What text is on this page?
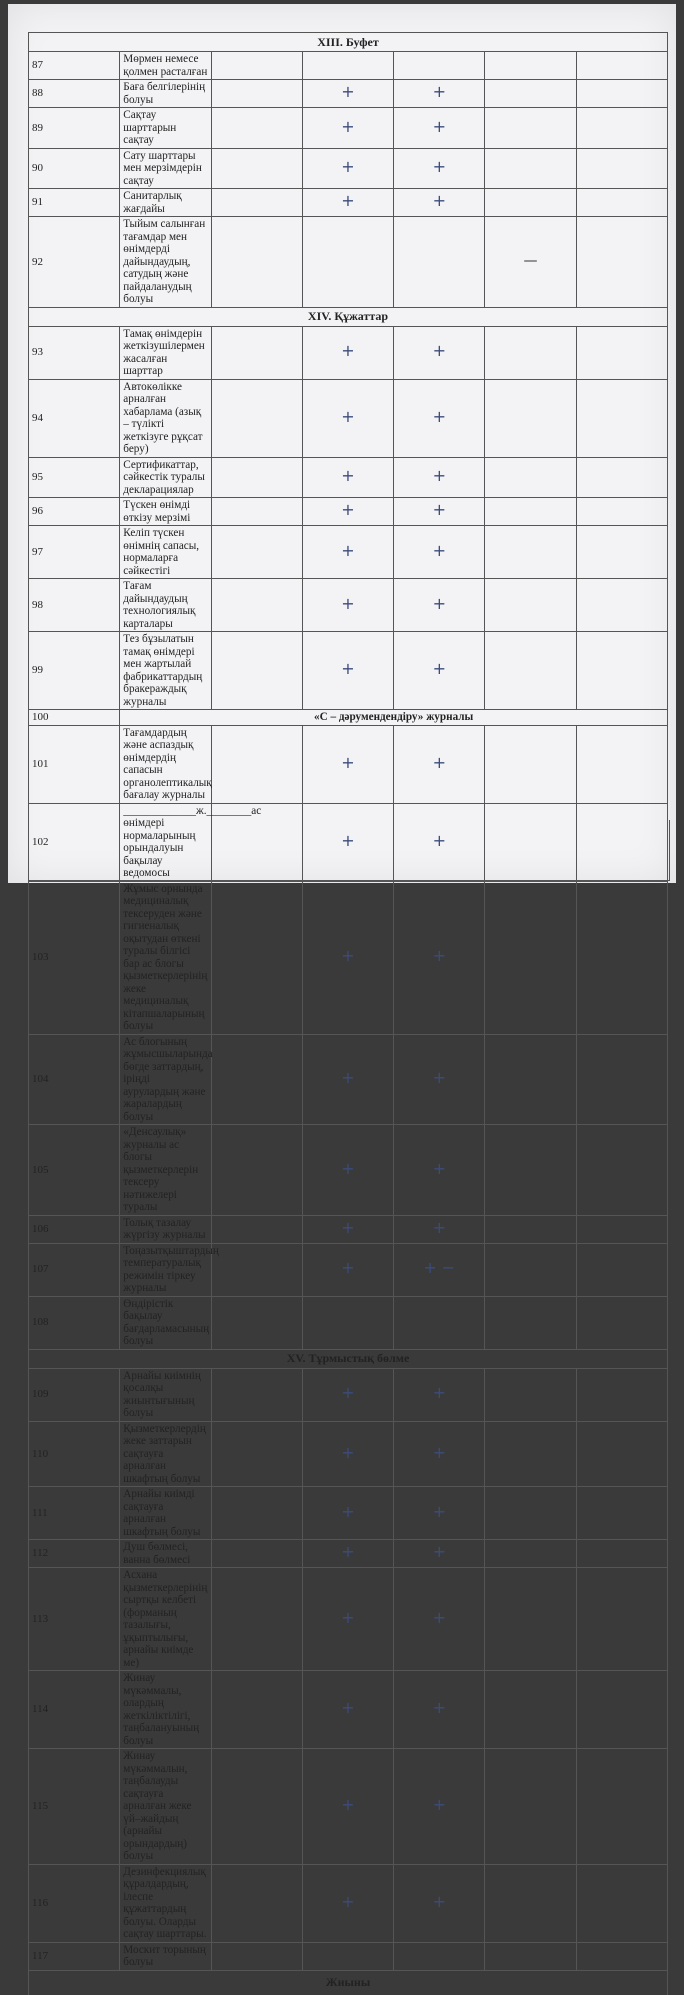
XIII. Буфет						
87	Мөрмен немесе қолмен расталған					
88	Баға белгілерінің болуы		+	+		
89	Сақтау шарттарын сақтау		+	+		
90	Сату шарттары мен мерзімдерін сақтау		+	+		
91	Санитарлық жағдайы		+	+		
92	Тыйым салынған тағамдар мен өнімдерді дайындаудың, сатудың және пайдаланудың болуы				—	
XIV. Құжаттар						
93	Тамақ өнімдерін жеткізушілермен жасалған шарттар		+	+		
94	Автокөлікке арналған хабарлама (азық – түлікті жеткізуге рұқсат беру)		+	+		
95	Сертификаттар, сәйкестік туралы декларациялар		+	+		
96	Түскен өнімді өткізу мерзімі		+	+		
97	Келіп түскен өнімнің сапасы, нормаларға сәйкестігі		+	+		
98	Тағам дайындаудың технологиялық карталары		+	+		
99	Тез бұзылатын тамақ өнімдері мен жартылай фабрикаттардың бракераждық журналы		+	+		
100	«С – дәрумендендіру» журналы					
101	Тағамдардың және аспаздық өнімдердің сапасын органолептикалық бағалау журналы		+	+		
102	_____________ж.________ас өнімдері нормаларының орындалуын бақылау ведомосы		+	+		
103	Жұмыс орнында медициналық тексеруден және гигиеналық оқытудан өткені туралы білгісі бар ас блогы қызметкерлерінің жеке медициналық кітапшаларының болуы		+	+		
104	Ас блогының жұмысшыларында бөгде заттардың, іріңді аурулардың және жаралардың болуы		+	+		
105	«Денсаулық» журналы ас блогы қызметкерлерін тексеру нәтижелері туралы		+	+		
106	Толық тазалау жүргізу журналы		+	+		
107	Тоңазытқыштардың температуралық режимін тіркеу журналы		+	+ −		
108	Өндірістік бақылау бағдарламасының болуы					
XV. Тұрмыстық бөлме						
109	Арнайы киімнің қосалқы жиынтығының болуы		+	+		
110	Қызметкерлердің жеке заттарын сақтауға арналған шкафтың болуы		+	+		
111	Арнайы киімді сақтауға арналған шкафтың болуы		+	+		
112	Душ бөлмесі, ванна бөлмесі		+	+		
113	Асхана қызметкерлерінің сыртқы келбеті (форманың тазалығы, ұқыптылығы, арнайы киімде ме)		+	+		
114	Жинау мүкәммалы, олардың жеткіліктілігі, таңбалануының болуы		+	+		
115	Жинау мүкәммалын, таңбалауды сақтауға арналған жеке үй–жайдың (арнайы орындардың) болуы		+	+		
116	Дезинфекциялық құралдардың, ілеспе құжаттардың болуы. Оларды сақтау шарттары.		+	+		
117	Москит торының болуы					
Жиыны						
